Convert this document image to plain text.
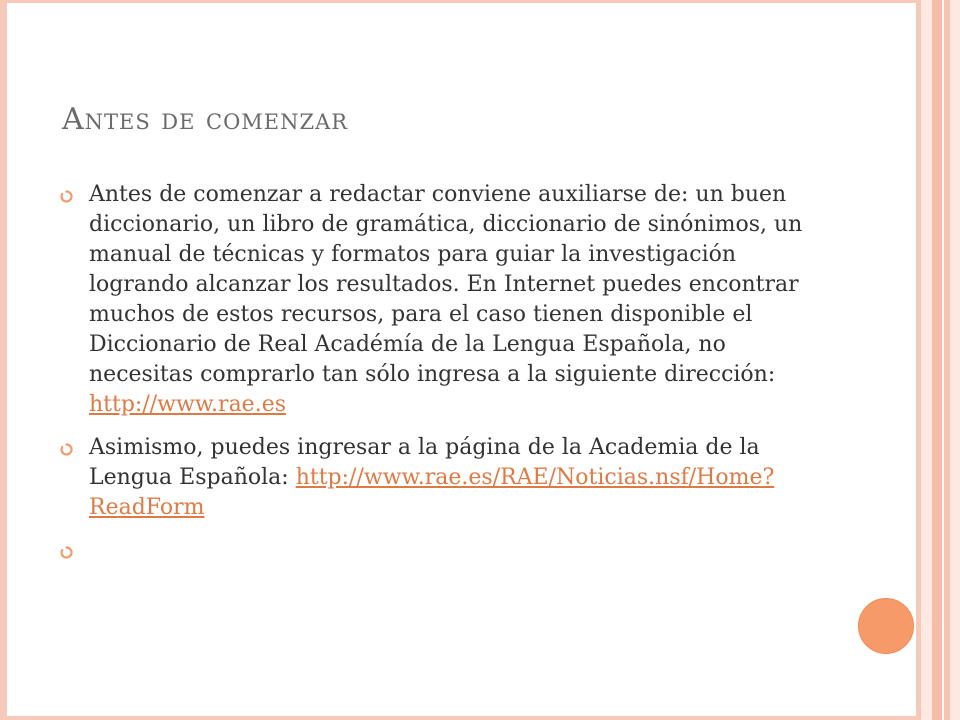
Antes de comenzar
Antes de comenzar a redactar conviene auxiliarse de: un buen diccionario, un libro de gramática, diccionario de sinónimos, un manual de técnicas y formatos para guiar la investigación logrando alcanzar los resultados. En Internet puedes encontrar muchos de estos recursos, para el caso tienen disponible el Diccionario de Real Académía de la Lengua Española, no necesitas comprarlo tan sólo ingresa a la siguiente dirección: http://www.rae.es
Asimismo, puedes ingresar a la página de la Academia de la Lengua Española: http://www.rae.es/RAE/Noticias.nsf/Home?ReadForm
